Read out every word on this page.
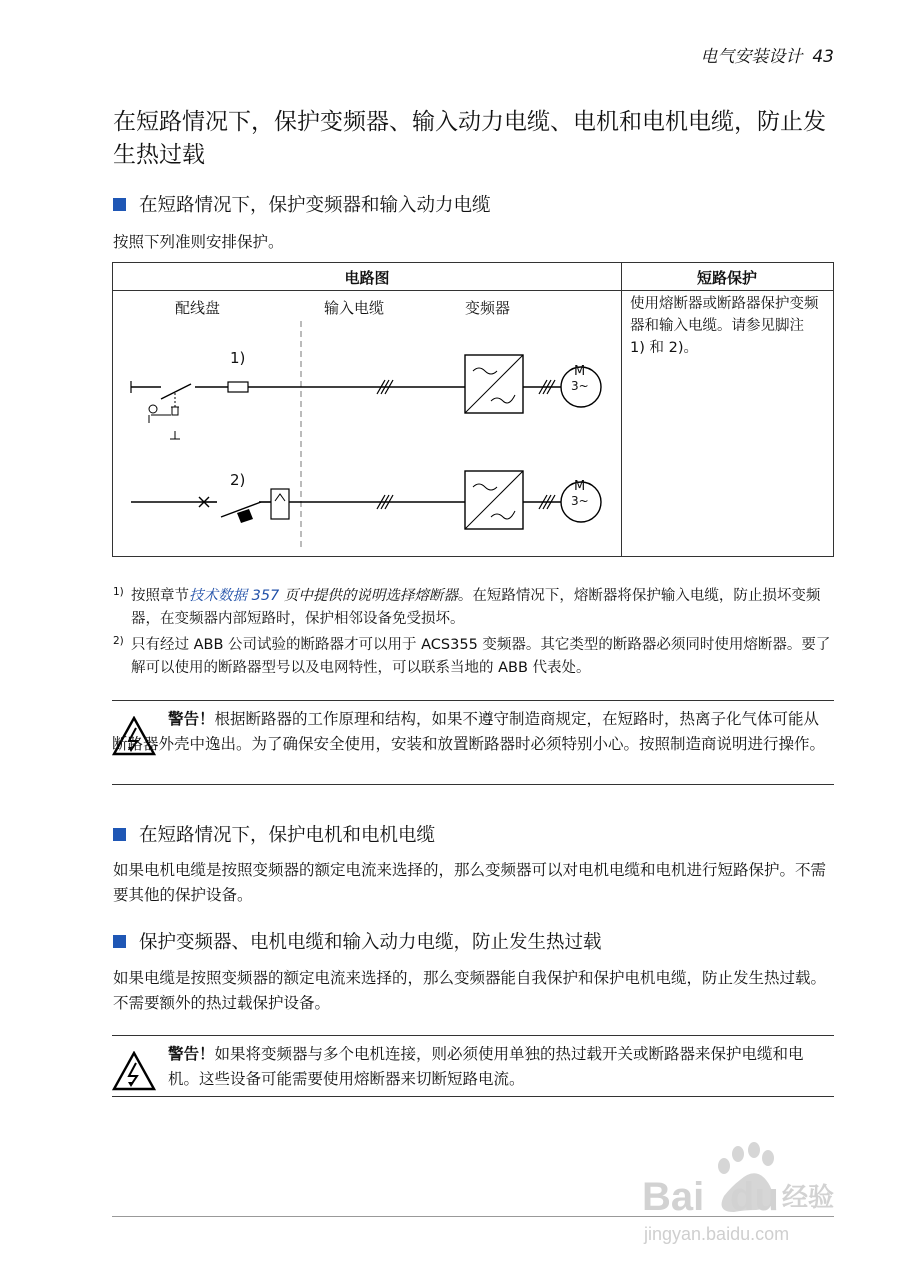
电气安装设计 43
在短路情况下，保护变频器、输入动力电缆、电机和电机电缆，防止发生热过载
在短路情况下，保护变频器和输入动力电缆

按照下列准则安排保护。

电路图	短路保护
配线盘	输入电缆	变频器
1)
2)
M
3~
M
3~
使用熔断器或断路器保护变频器和输入电缆。请参见脚注 1) 和 2)。
1) 按照章节技术数据 357 页中提供的说明选择熔断器。在短路情况下，熔断器将保护输入电缆，防止损坏变频器，在变频器内部短路时，保护相邻设备免受损坏。
2) 只有经过 ABB 公司试验的断路器才可以用于 ACS355 变频器。其它类型的断路器必须同时使用熔断器。要了解可以使用的断路器型号以及电网特性，可以联系当地的 ABB 代表处。
警告！根据断路器的工作原理和结构，如果不遵守制造商规定，在短路时，热离子化气体可能从断路器外壳中逸出。为了确保安全使用，安装和放置断路器时必须特别小心。按照制造商说明进行操作。
在短路情况下，保护电机和电机电缆

如果电机电缆是按照变频器的额定电流来选择的，那么变频器可以对电机电缆和电机进行短路保护。不需要其他的保护设备。

保护变频器、电机电缆和输入动力电缆，防止发生热过载

如果电缆是按照变频器的额定电流来选择的，那么变频器能自我保护和保护电机电缆，防止发生热过载。不需要额外的热过载保护设备。

警告！如果将变频器与多个电机连接，则必须使用单独的热过载开关或断路器来保护电缆和电机。这些设备可能需要使用熔断器来切断短路电流。
Bai du 经验
jingyan.baidu.com
